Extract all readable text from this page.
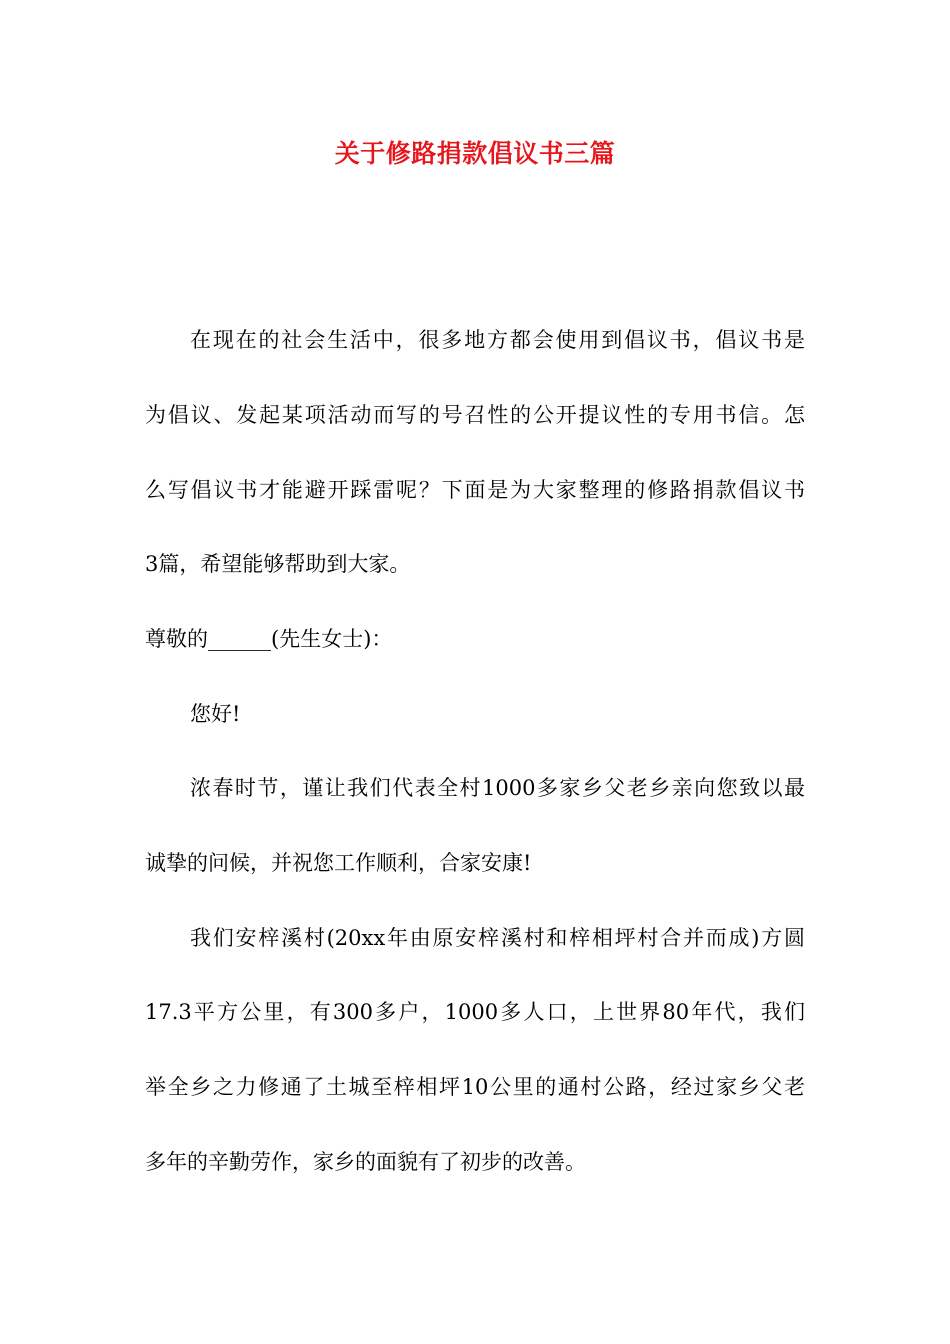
关于修路捐款倡议书三篇
在现在的社会生活中，很多地方都会使用到倡议书，倡议书是
为倡议、发起某项活动而写的号召性的公开提议性的专用书信。怎
么写倡议书才能避开踩雷呢？下面是为大家整理的修路捐款倡议书
3篇，希望能够帮助到大家。
尊敬的______(先生女士)：
您好!
浓春时节，谨让我们代表全村1000多家乡父老乡亲向您致以最
诚挚的问候，并祝您工作顺利，合家安康!
我们安梓溪村(20xx年由原安梓溪村和梓相坪村合并而成)方圆
17.3平方公里，有300多户，1000多人口，上世界80年代，我们
举全乡之力修通了土城至梓相坪10公里的通村公路，经过家乡父老
多年的辛勤劳作，家乡的面貌有了初步的改善。
